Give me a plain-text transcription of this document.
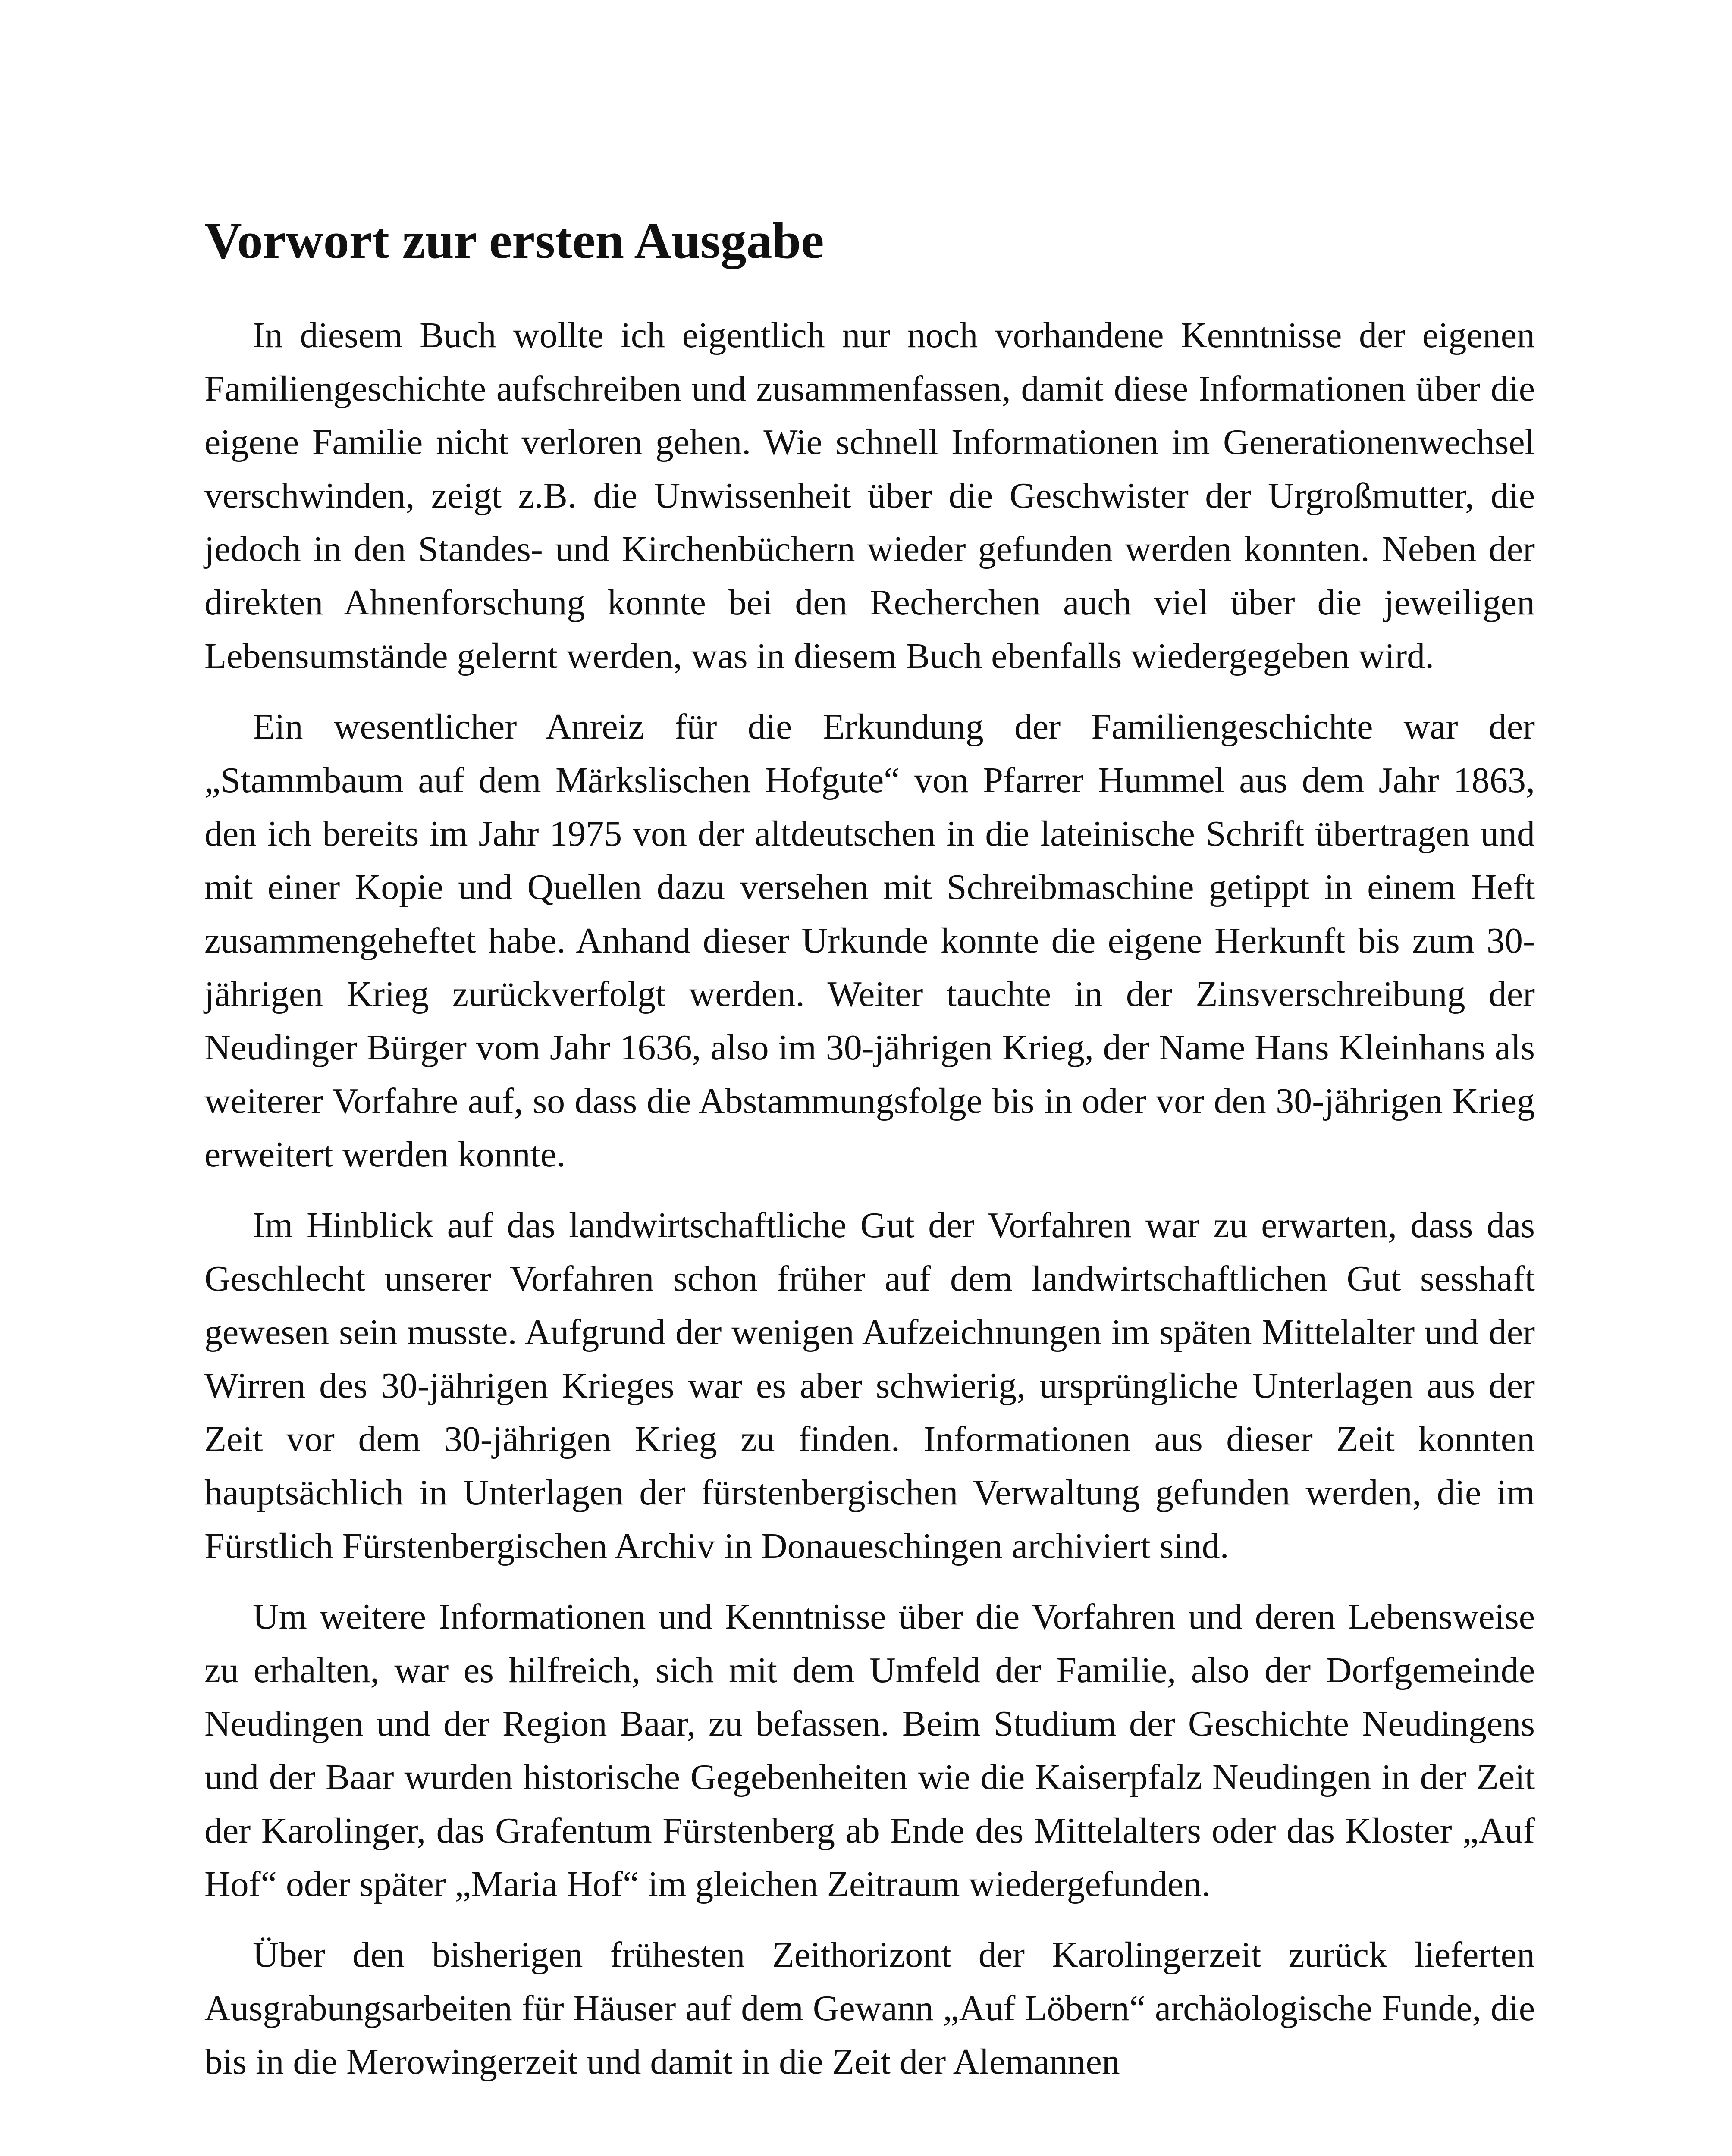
Vorwort zur ersten Ausgabe

In diesem Buch wollte ich eigentlich nur noch vorhandene Kenntnisse der eigenen Familiengeschichte aufschreiben und zusammenfassen, damit diese Informationen über die eigene Familie nicht verloren gehen. Wie schnell Informationen im Generationenwechsel verschwinden, zeigt z.B. die Unwissenheit über die Geschwister der Urgroßmutter, die jedoch in den Standes- und Kirchenbüchern wieder gefunden werden konnten. Neben der direkten Ahnenforschung konnte bei den Recherchen auch viel über die jeweiligen Lebensumstände gelernt werden, was in diesem Buch ebenfalls wiedergegeben wird.

Ein wesentlicher Anreiz für die Erkundung der Familiengeschichte war der „Stammbaum auf dem Märkslischen Hofgute“ von Pfarrer Hummel aus dem Jahr 1863, den ich bereits im Jahr 1975 von der altdeutschen in die lateinische Schrift übertragen und mit einer Kopie und Quellen dazu versehen mit Schreibmaschine getippt in einem Heft zusammengeheftet habe. Anhand dieser Urkunde konnte die eigene Herkunft bis zum 30-jährigen Krieg zurückverfolgt werden. Weiter tauchte in der Zinsverschreibung der Neudinger Bürger vom Jahr 1636, also im 30-jährigen Krieg, der Name Hans Kleinhans als weiterer Vorfahre auf, so dass die Abstammungsfolge bis in oder vor den 30-jährigen Krieg erweitert werden konnte.

Im Hinblick auf das landwirtschaftliche Gut der Vorfahren war zu erwarten, dass das Geschlecht unserer Vorfahren schon früher auf dem landwirtschaftlichen Gut sesshaft gewesen sein musste. Aufgrund der wenigen Aufzeichnungen im späten Mittelalter und der Wirren des 30-jährigen Krieges war es aber schwierig, ursprüngliche Unterlagen aus der Zeit vor dem 30-jährigen Krieg zu finden. Informationen aus dieser Zeit konnten hauptsächlich in Unterlagen der fürstenbergischen Verwaltung gefunden werden, die im Fürstlich Fürstenbergischen Archiv in Donaueschingen archiviert sind.

Um weitere Informationen und Kenntnisse über die Vorfahren und deren Lebensweise zu erhalten, war es hilfreich, sich mit dem Umfeld der Familie, also der Dorfgemeinde Neudingen und der Region Baar, zu befassen. Beim Studium der Geschichte Neudingens und der Baar wurden historische Gegebenheiten wie die Kaiserpfalz Neudingen in der Zeit der Karolinger, das Grafentum Fürstenberg ab Ende des Mittelalters oder das Kloster „Auf Hof“ oder später „Maria Hof“ im gleichen Zeitraum wiedergefunden.

Über den bisherigen frühesten Zeithorizont der Karolingerzeit zurück lieferten Ausgrabungsarbeiten für Häuser auf dem Gewann „Auf Löbern“ archäologische Funde, die bis in die Merowingerzeit und damit in die Zeit der Alemannen
